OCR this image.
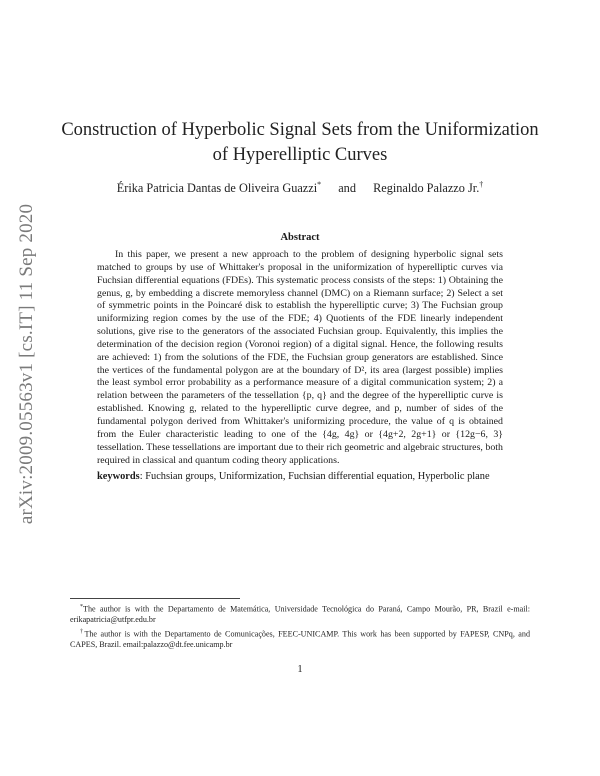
arXiv:2009.05563v1 [cs.IT] 11 Sep 2020
Construction of Hyperbolic Signal Sets from the Uniformization of Hyperelliptic Curves
Érika Patricia Dantas de Oliveira Guazzi* and Reginaldo Palazzo Jr.†
Abstract

In this paper, we present a new approach to the problem of designing hyperbolic signal sets matched to groups by use of Whittaker's proposal in the uniformization of hyperelliptic curves via Fuchsian differential equations (FDEs). This systematic process consists of the steps: 1) Obtaining the genus, g, by embedding a discrete memoryless channel (DMC) on a Riemann surface; 2) Select a set of symmetric points in the Poincaré disk to establish the hyperelliptic curve; 3) The Fuchsian group uniformizing region comes by the use of the FDE; 4) Quotients of the FDE linearly independent solutions, give rise to the generators of the associated Fuchsian group. Equivalently, this implies the determination of the decision region (Voronoi region) of a digital signal. Hence, the following results are achieved: 1) from the solutions of the FDE, the Fuchsian group generators are established. Since the vertices of the fundamental polygon are at the boundary of D², its area (largest possible) implies the least symbol error probability as a performance measure of a digital communication system; 2) a relation between the parameters of the tessellation {p, q} and the degree of the hyperelliptic curve is established. Knowing g, related to the hyperelliptic curve degree, and p, number of sides of the fundamental polygon derived from Whittaker's uniformizing procedure, the value of q is obtained from the Euler characteristic leading to one of the {4g, 4g} or {4g+2, 2g+1} or {12g−6, 3} tessellation. These tessellations are important due to their rich geometric and algebraic structures, both required in classical and quantum coding theory applications.

keywords: Fuchsian groups, Uniformization, Fuchsian differential equation, Hyperbolic plane

*The author is with the Departamento de Matemática, Universidade Tecnológica do Paraná, Campo Mourão, PR, Brazil e-mail: erikapatricia@utfpr.edu.br

†The author is with the Departamento de Comunicações, FEEC-UNICAMP. This work has been supported by FAPESP, CNPq, and CAPES, Brazil. email:palazzo@dt.fee.unicamp.br

1
